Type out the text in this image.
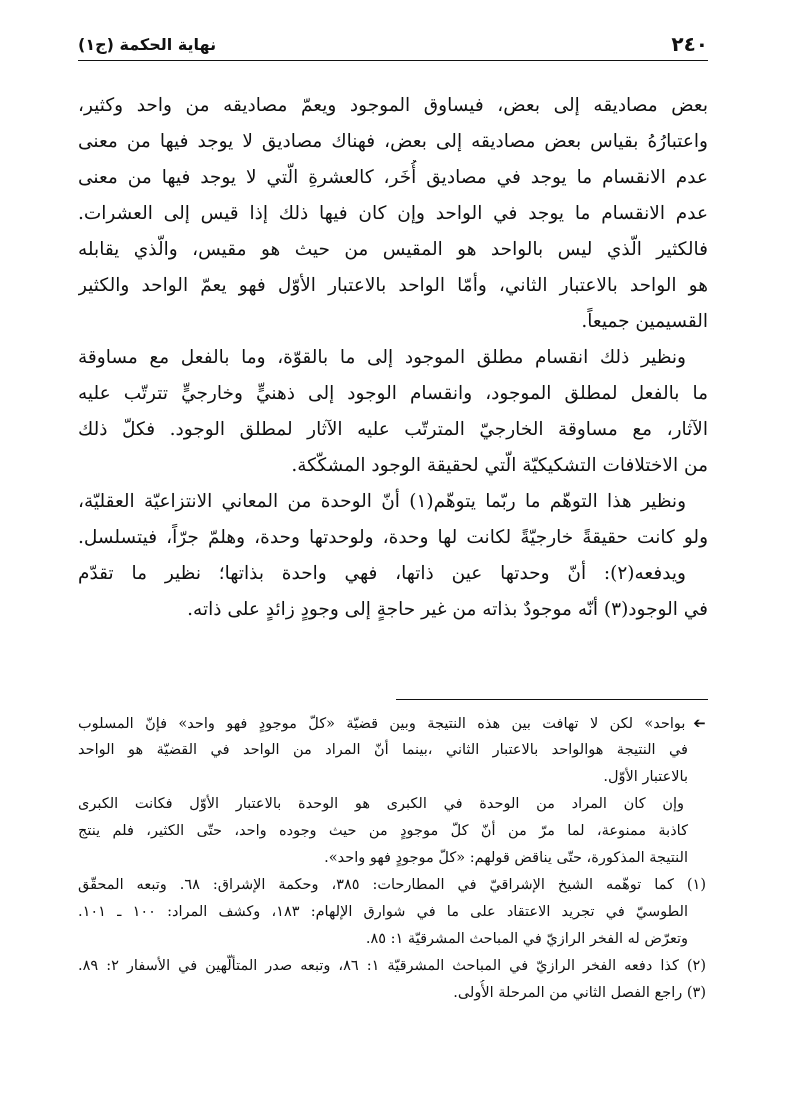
٢٤٠
نهاية الحكمة (ج١)
بعض مصاديقه إلى بعض، فيساوق الموجود ويعمّ مصاديقه من واحد وكثير،
واعتبارُهُ بقياس بعض مصاديقه إلى بعض، فهناك مصاديق لا يوجد فيها من معنى
عدم الانقسام ما يوجد في مصاديق أُخَر، كالعشرةِ الّتي لا يوجد فيها من معنى
عدم الانقسام ما يوجد في الواحد وإن كان فيها ذلك إذا قيس إلى العشرات.
فالكثير الّذي ليس بالواحد هو المقيس من حيث هو مقيس، والّذي يقابله
هو الواحد بالاعتبار الثاني، وأمّا الواحد بالاعتبار الأوّل فهو يعمّ الواحد والكثير
القسيمين جميعاً.
ونظير ذلك انقسام مطلق الموجود إلى ما بالقوّة، وما بالفعل مع مساوقة
ما بالفعل لمطلق الموجود، وانقسام الوجود إلى ذهنيٍّ وخارجيٍّ تترتّب عليه
الآثار، مع مساوقة الخارجيّ المترتّب عليه الآثار لمطلق الوجود. فكلّ ذلك
من الاختلافات التشكيكيّة الّتي لحقيقة الوجود المشكّكة.
ونظير هذا التوهّم ما ربّما يتوهّم(١) أنّ الوحدة من المعاني الانتزاعيّة العقليّة،
ولو كانت حقيقةً خارجيّةً لكانت لها وحدة، ولوحدتها وحدة، وهلمّ جرّاً، فيتسلسل.
ويدفعه(٢): أنّ وحدتها عين ذاتها، فهي واحدة بذاتها؛ نظير ما تقدّم
في الوجود(٣) أنّه موجودٌ بذاته من غير حاجةٍ إلى وجودٍ زائدٍ على ذاته.
➔بواحد» لكن لا تهافت بين هذه النتيجة وبين قضيّة «كلّ موجودٍ فهو واحد» فإنّ المسلوب
في النتيجة هوالواحد بالاعتبار الثاني ،بينما أنّ المراد من الواحد في القضيّة هو الواحد
بالاعتبار الأوّل.
وإن كان المراد من الوحدة في الكبرى هو الوحدة بالاعتبار الأوّل فكانت الكبرى
كاذبة ممنوعة، لما مرّ من أنّ كلّ موجودٍ من حيث وجوده واحد، حتّى الكثير، فلم ينتج
النتيجة المذكورة، حتّى يناقض قولهم: «كلّ موجودٍ فهو واحد».
(١) كما توهّمه الشيخ الإشراقيّ في المطارحات: ٣٨٥، وحكمة الإشراق: ٦٨. وتبعه المحقّق
الطوسيّ في تجريد الاعتقاد على ما في شوارق الإلهام: ١٨٣، وكشف المراد: ١٠٠ ـ ١٠١.
وتعرّض له الفخر الرازيّ في المباحث المشرقيّة ١: ٨٥.
(٢) كذا دفعه الفخر الرازيّ في المباحث المشرقيّة ١: ٨٦، وتبعه صدر المتألّهين في الأسفار ٢: ٨٩.
(٣) راجع الفصل الثاني من المرحلة الأُولى.
